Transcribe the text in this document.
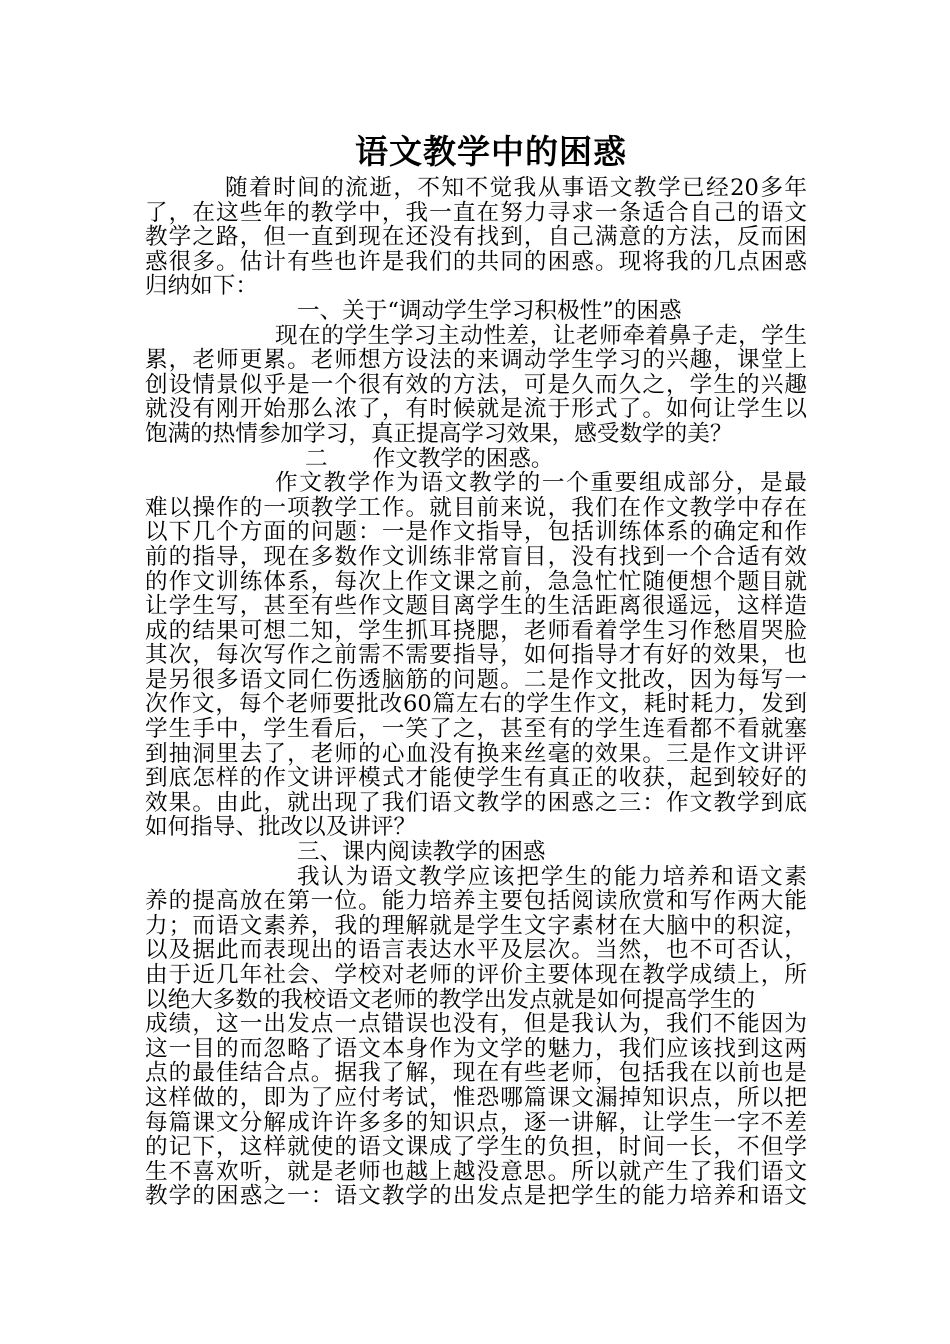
语文教学中的困惑
随着时间的流逝，不知不觉我从事语文教学已经20多年
了，在这些年的教学中，我一直在努力寻求一条适合自己的语文
教学之路，但一直到现在还没有找到，自己满意的方法，反而困
惑很多。估计有些也许是我们的共同的困惑。现将我的几点困惑
归纳如下：
一、关于“调动学生学习积极性”的困惑
现在的学生学习主动性差，让老师牵着鼻子走，学生
累，老师更累。老师想方设法的来调动学生学习的兴趣，课堂上
创设情景似乎是一个很有效的方法，可是久而久之，学生的兴趣
就没有刚开始那么浓了，有时候就是流于形式了。如何让学生以
饱满的热情参加学习，真正提高学习效果，感受数学的美？
二　　作文教学的困惑。
作文教学作为语文教学的一个重要组成部分，是最
难以操作的一项教学工作。就目前来说，我们在作文教学中存在
以下几个方面的问题：一是作文指导，包括训练体系的确定和作
前的指导，现在多数作文训练非常盲目，没有找到一个合适有效
的作文训练体系，每次上作文课之前，急急忙忙随便想个题目就
让学生写，甚至有些作文题目离学生的生活距离很遥远，这样造
成的结果可想二知，学生抓耳挠腮，老师看着学生习作愁眉哭脸
其次，每次写作之前需不需要指导，如何指导才有好的效果，也
是另很多语文同仁伤透脑筋的问题。二是作文批改，因为每写一
次作文，每个老师要批改60篇左右的学生作文，耗时耗力，发到
学生手中，学生看后，一笑了之，甚至有的学生连看都不看就塞
到抽洞里去了，老师的心血没有换来丝毫的效果。三是作文讲评
到底怎样的作文讲评模式才能使学生有真正的收获，起到较好的
效果。由此，就出现了我们语文教学的困惑之三：作文教学到底
如何指导、批改以及讲评？
三、课内阅读教学的困惑
我认为语文教学应该把学生的能力培养和语文素
养的提高放在第一位。能力培养主要包括阅读欣赏和写作两大能
力；而语文素养，我的理解就是学生文字素材在大脑中的积淀，
以及据此而表现出的语言表达水平及层次。当然，也不可否认，
由于近几年社会、学校对老师的评价主要体现在教学成绩上，所
以绝大多数的我校语文老师的教学出发点就是如何提高学生的
成绩，这一出发点一点错误也没有，但是我认为，我们不能因为
这一目的而忽略了语文本身作为文学的魅力，我们应该找到这两
点的最佳结合点。据我了解，现在有些老师，包括我在以前也是
这样做的，即为了应付考试，惟恐哪篇课文漏掉知识点，所以把
每篇课文分解成许许多多的知识点，逐一讲解，让学生一字不差
的记下，这样就使的语文课成了学生的负担，时间一长，不但学
生不喜欢听，就是老师也越上越没意思。所以就产生了我们语文
教学的困惑之一：语文教学的出发点是把学生的能力培养和语文
